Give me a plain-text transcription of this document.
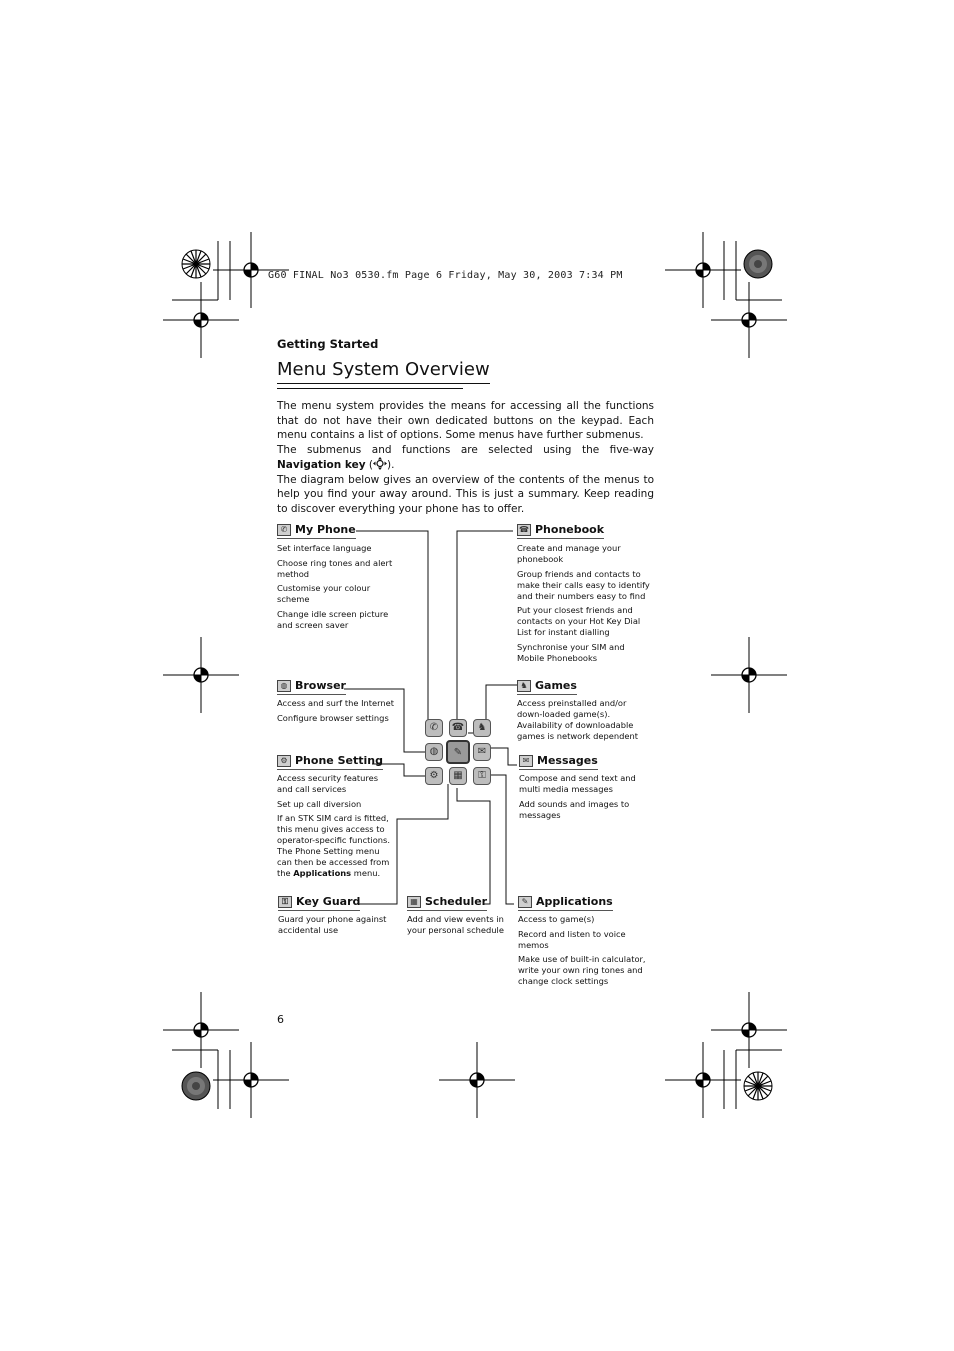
G60 FINAL No3 0530.fm Page 6 Friday, May 30, 2003 7:34 PM
Getting Started
Menu System Overview

The menu system provides the means for accessing all the functions that do not have their own dedicated buttons on the keypad. Each menu contains a list of options. Some menus have further submenus.

The submenus and functions are selected using the five-way Navigation key ( ).

The diagram below gives an overview of the contents of the menus to help you find your away around. This is just a summary. Keep reading to discover everything your phone has to offer.

✆	☎	♞
◍	✎	✉
⚙	▦	⚿
✆ My Phone
Set interface language
Choose ring tones and alert method
Customise your colour scheme
Change idle screen picture and screen saver
☎ Phonebook
Create and manage your phonebook
Group friends and contacts to make their calls easy to identify and their numbers easy to find
Put your closest friends and contacts on your Hot Key Dial List for instant dialling
Synchronise your SIM and Mobile Phonebooks
◍ Browser
Access and surf the Internet
Configure browser settings
♞ Games
Access preinstalled and/or down-loaded game(s). Availability of downloadable games is network dependent
⚙ Phone Setting
Access security features and call services
Set up call diversion
If an STK SIM card is fitted, this menu gives access to operator-specific functions. The Phone Setting menu can then be accessed from the Applications menu.
✉ Messages
Compose and send text and multi media messages
Add sounds and images to messages
⚿ Key Guard
Guard your phone against accidental use
▦ Scheduler
Add and view events in your personal schedule
✎ Applications
Access to game(s)
Record and listen to voice memos
Make use of built-in calculator, write your own ring tones and change clock settings
6
